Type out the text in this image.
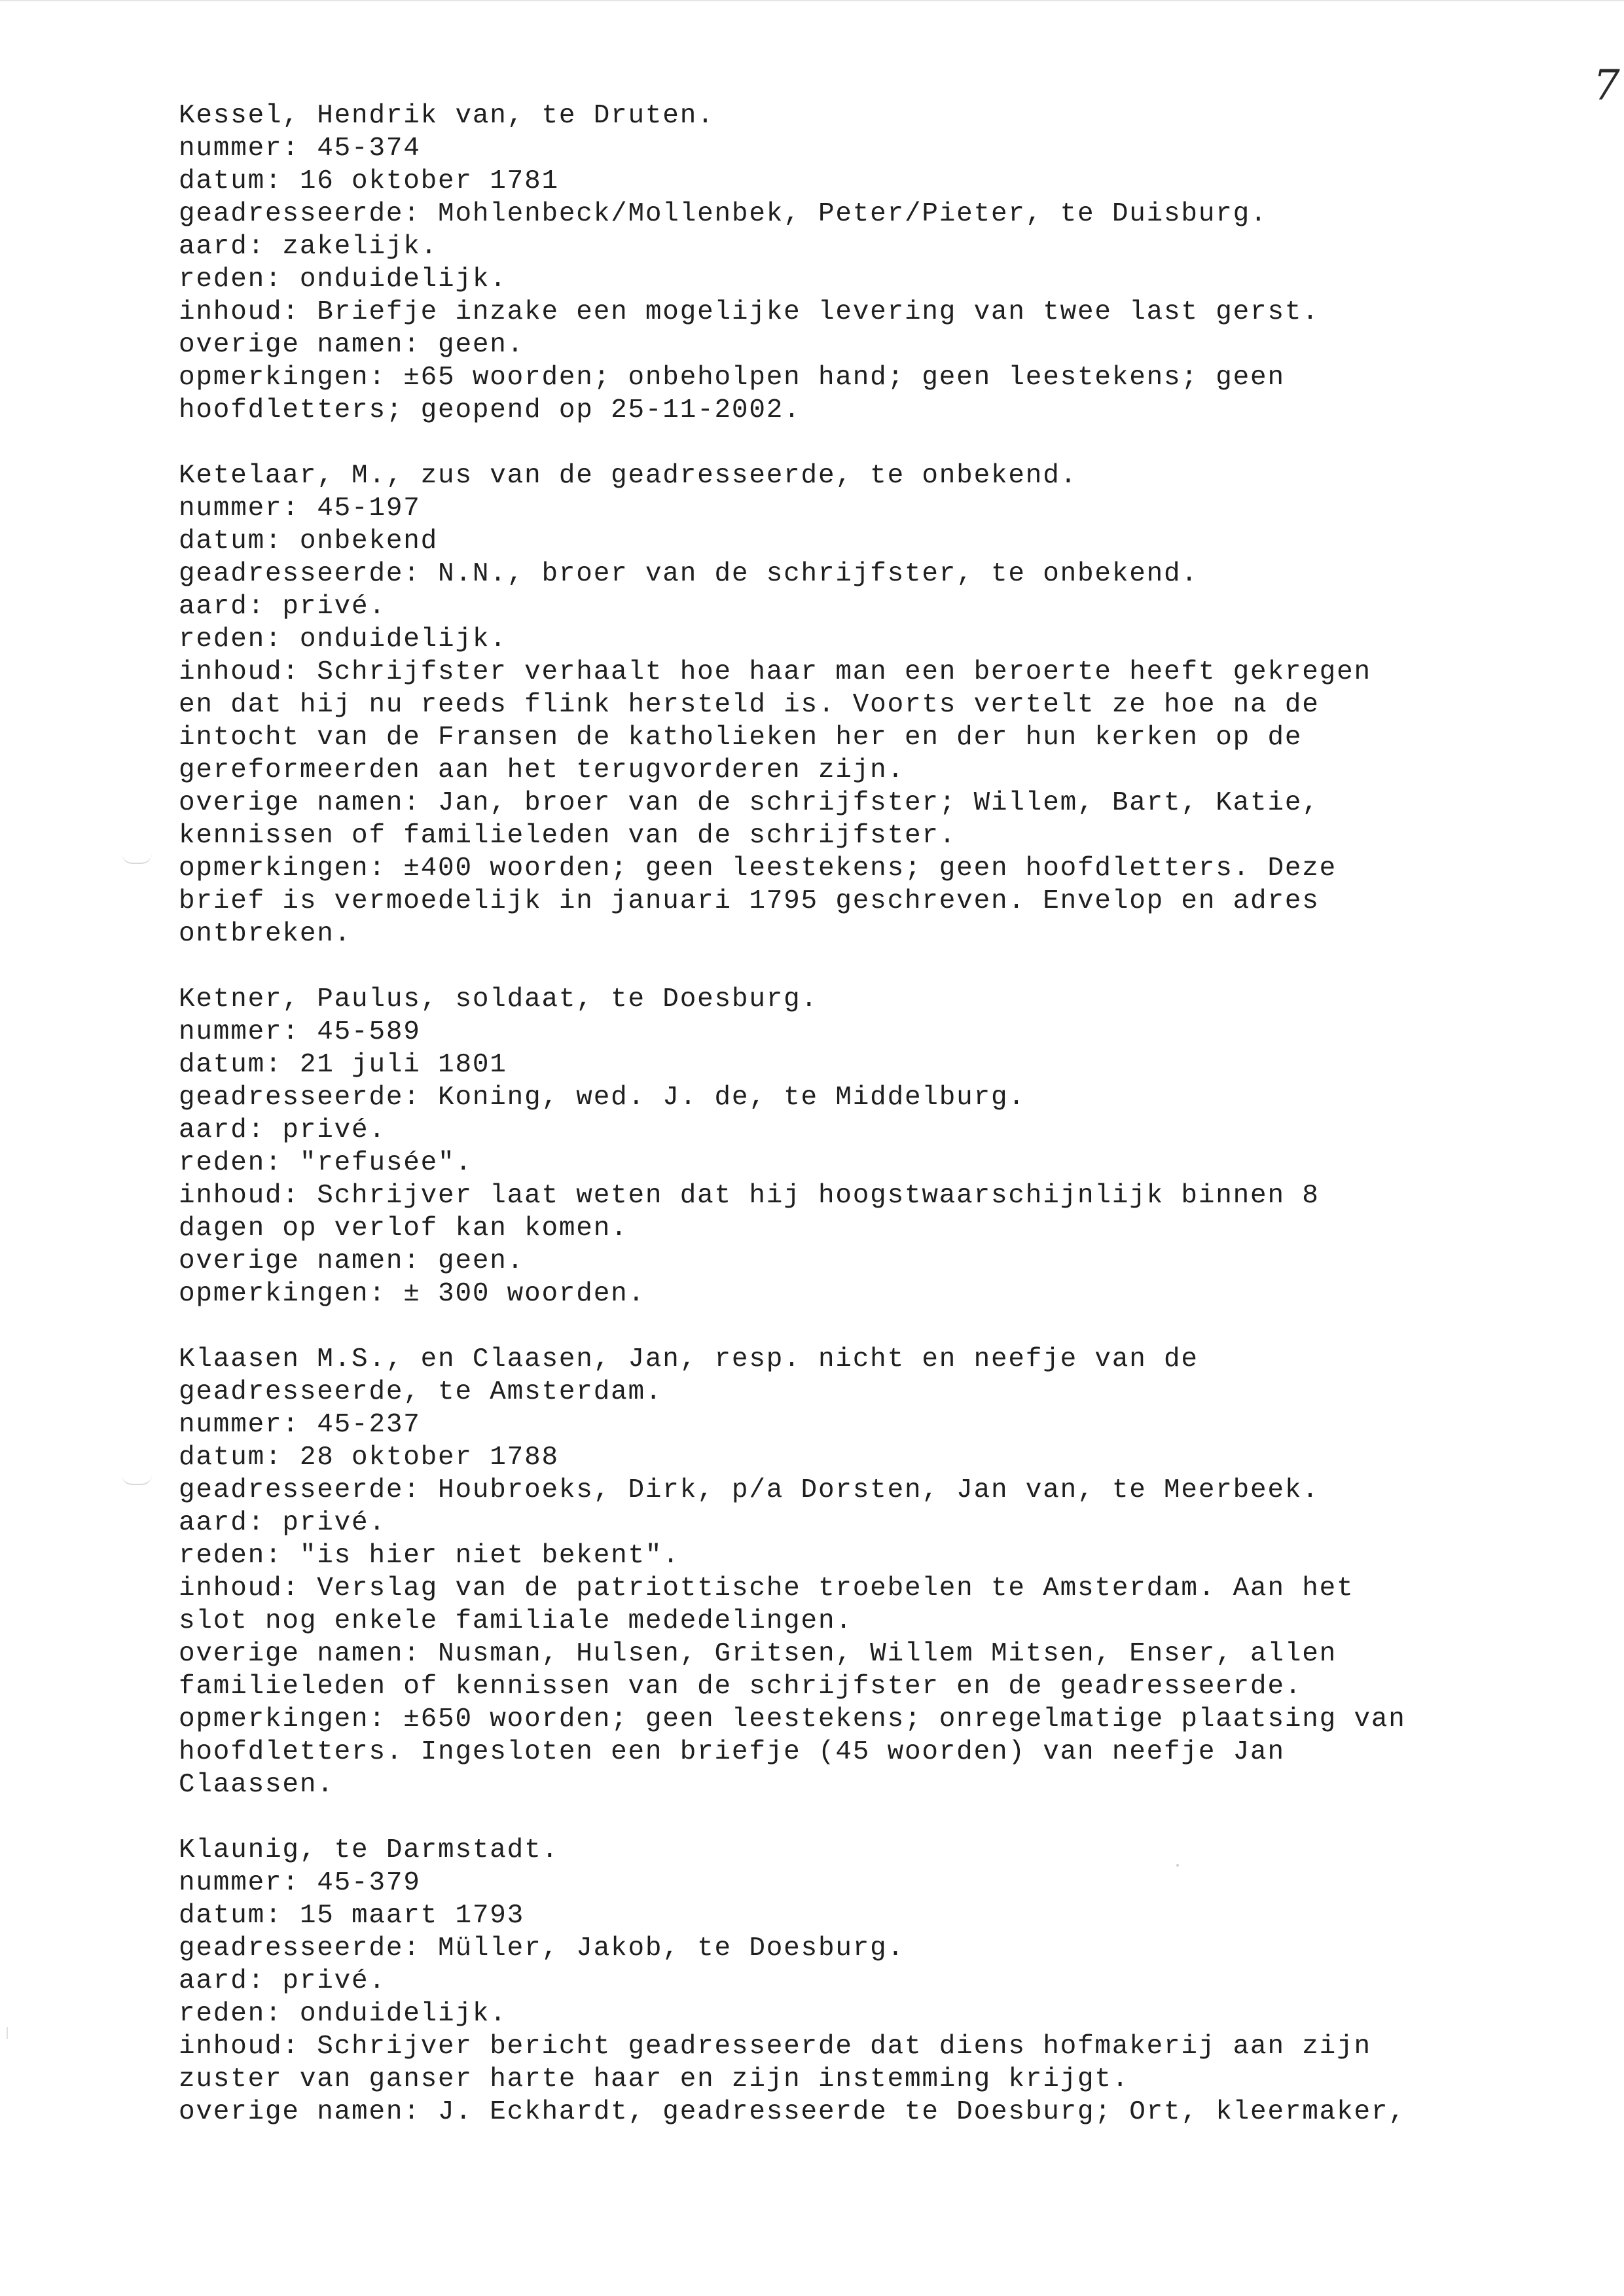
7
Kessel, Hendrik van, te Druten.
nummer: 45-374
datum: 16 oktober 1781
geadresseerde: Mohlenbeck/Mollenbek, Peter/Pieter, te Duisburg.
aard: zakelijk.
reden: onduidelijk.
inhoud: Briefje inzake een mogelijke levering van twee last gerst.
overige namen: geen.
opmerkingen: ±65 woorden; onbeholpen hand; geen leestekens; geen
hoofdletters; geopend op 25-11-2002.
Ketelaar, M., zus van de geadresseerde, te onbekend.
nummer: 45-197
datum: onbekend
geadresseerde: N.N., broer van de schrijfster, te onbekend.
aard: privé.
reden: onduidelijk.
inhoud: Schrijfster verhaalt hoe haar man een beroerte heeft gekregen
en dat hij nu reeds flink hersteld is. Voorts vertelt ze hoe na de
intocht van de Fransen de katholieken her en der hun kerken op de
gereformeerden aan het terugvorderen zijn.
overige namen: Jan, broer van de schrijfster; Willem, Bart, Katie,
kennissen of familieleden van de schrijfster.
opmerkingen: ±400 woorden; geen leestekens; geen hoofdletters. Deze
brief is vermoedelijk in januari 1795 geschreven. Envelop en adres
ontbreken.
Ketner, Paulus, soldaat, te Doesburg.
nummer: 45-589
datum: 21 juli 1801
geadresseerde: Koning, wed. J. de, te Middelburg.
aard: privé.
reden: "refusée".
inhoud: Schrijver laat weten dat hij hoogstwaarschijnlijk binnen 8
dagen op verlof kan komen.
overige namen: geen.
opmerkingen: ± 300 woorden.
Klaasen M.S., en Claasen, Jan, resp. nicht en neefje van de
geadresseerde, te Amsterdam.
nummer: 45-237
datum: 28 oktober 1788
geadresseerde: Houbroeks, Dirk, p/a Dorsten, Jan van, te Meerbeek.
aard: privé.
reden: "is hier niet bekent".
inhoud: Verslag van de patriottische troebelen te Amsterdam. Aan het
slot nog enkele familiale mededelingen.
overige namen: Nusman, Hulsen, Gritsen, Willem Mitsen, Enser, allen
familieleden of kennissen van de schrijfster en de geadresseerde.
opmerkingen: ±650 woorden; geen leestekens; onregelmatige plaatsing van
hoofdletters. Ingesloten een briefje (45 woorden) van neefje Jan
Claassen.
Klaunig, te Darmstadt.
nummer: 45-379
datum: 15 maart 1793
geadresseerde: Müller, Jakob, te Doesburg.
aard: privé.
reden: onduidelijk.
inhoud: Schrijver bericht geadresseerde dat diens hofmakerij aan zijn
zuster van ganser harte haar en zijn instemming krijgt.
overige namen: J. Eckhardt, geadresseerde te Doesburg; Ort, kleermaker,
